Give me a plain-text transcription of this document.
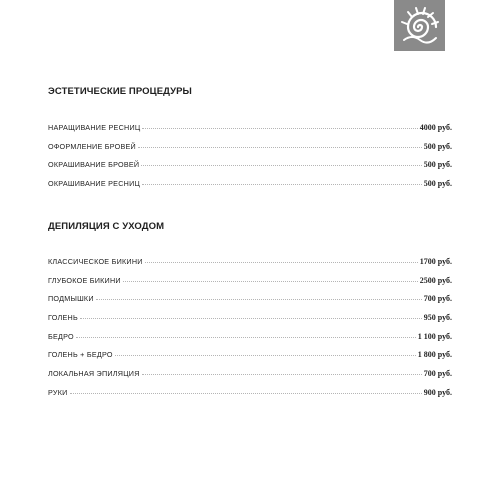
ЭСТЕТИЧЕСКИЕ ПРОЦЕДУРЫ
НАРАЩИВАНИЕ РЕСНИЦ	4000 руб.
ОФОРМЛЕНИЕ БРОВЕЙ	500 руб.
ОКРАШИВАНИЕ БРОВЕЙ	500 руб.
ОКРАШИВАНИЕ РЕСНИЦ	500 руб.
ДЕПИЛЯЦИЯ С УХОДОМ
КЛАССИЧЕСКОЕ БИКИНИ	1700 руб.
ГЛУБОКОЕ БИКИНИ	2500 руб.
ПОДМЫШКИ	700 руб.
ГОЛЕНЬ	950 руб.
БЕДРО	1 100 руб.
ГОЛЕНЬ + БЕДРО	1 800 руб.
ЛОКАЛЬНАЯ ЭПИЛЯЦИЯ	700 руб.
РУКИ	900 руб.
